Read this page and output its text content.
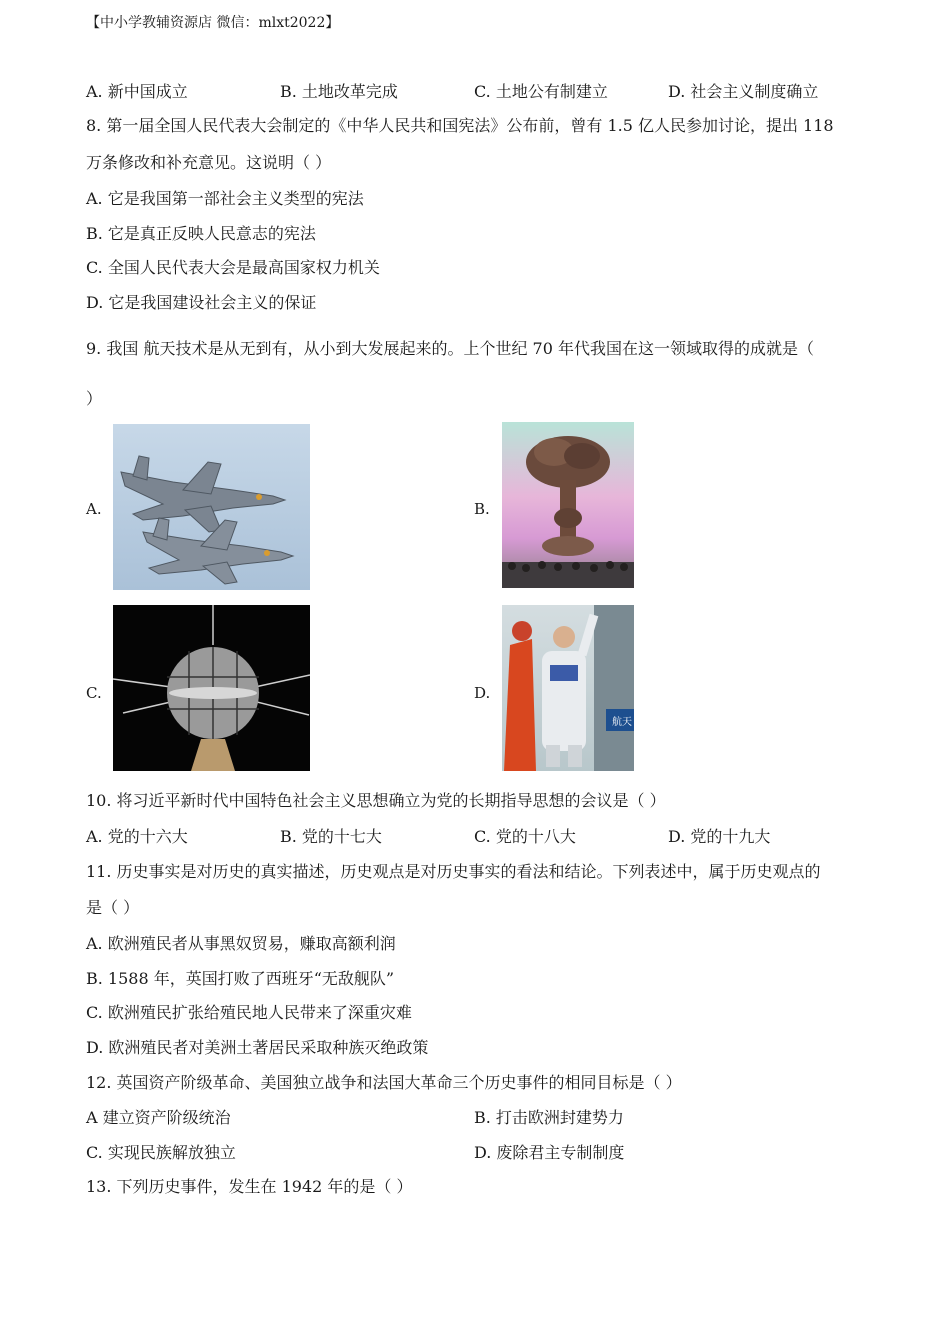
【中小学教辅资源店 微信：mlxt2022】
A. 新中国成立	B. 土地改革完成	C. 土地公有制建立	D. 社会主义制度确立
8. 第一届全国人民代表大会制定的《中华人民共和国宪法》公布前，曾有 1.5 亿人民参加讨论，提出 118
万条修改和补充意见。这说明（ ）
A. 它是我国第一部社会主义类型的宪法
B. 它是真正反映人民意志的宪法
C. 全国人民代表大会是最高国家权力机关
D. 它是我国建设社会主义的保证
9. 我国 航天技术是从无到有，从小到大发展起来的。上个世纪 70 年代我国在这一领域取得的成就是（
）
A.	B.
C.	D.
航天
10. 将习近平新时代中国特色社会主义思想确立为党的长期指导思想的会议是（ ）
A. 党的十六大	B. 党的十七大	C. 党的十八大	D. 党的十九大
11. 历史事实是对历史的真实描述，历史观点是对历史事实的看法和结论。下列表述中，属于历史观点的
是（ ）
A. 欧洲殖民者从事黑奴贸易，赚取高额利润
B. 1588 年，英国打败了西班牙“无敌舰队”
C. 欧洲殖民扩张给殖民地人民带来了深重灾难
D. 欧洲殖民者对美洲土著居民采取种族灭绝政策
12. 英国资产阶级革命、美国独立战争和法国大革命三个历史事件的相同目标是（ ）
A 建立资产阶级统治	B. 打击欧洲封建势力
C. 实现民族解放独立	D. 废除君主专制制度
13. 下列历史事件，发生在 1942 年的是（ ）
